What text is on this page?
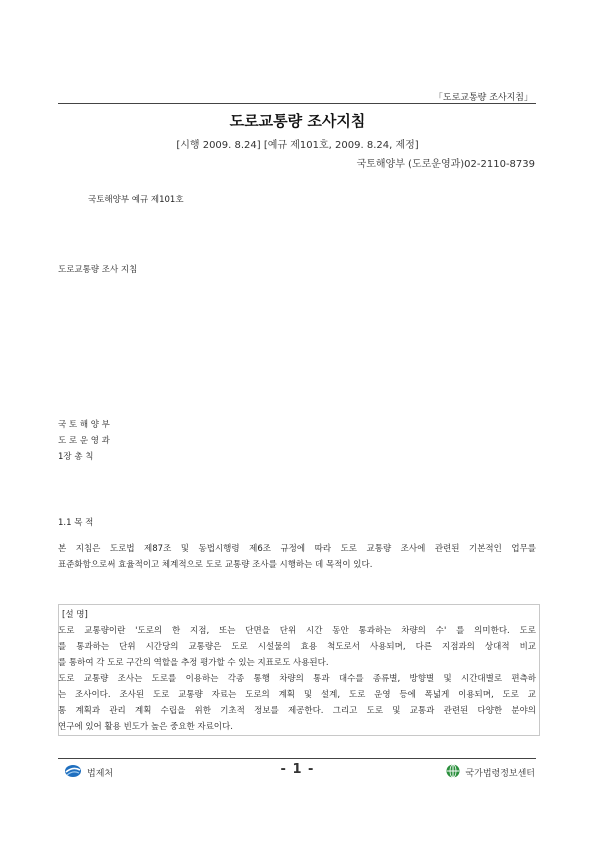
「도로교통량 조사지침」
도로교통량 조사지침
[시행 2009. 8.24] [예규 제101호, 2009. 8.24, 제정]
국토해양부 (도로운영과)02-2110-8739
국토해양부 예규 제101호
도로교통량 조사 지침
국 토 해 양 부
도 로 운 영 과
1장 총 칙
1.1 목 적

본 지침은 도로법 제87조 및 동법시행령 제6조 규정에 따라 도로 교통량 조사에 관련된 기본적인 업무를

표준화함으로써 효율적이고 체계적으로 도로 교통량 조사를 시행하는 데 목적이 있다.

[설 명]

도로 교통량이란 '도로의 한 지점, 또는 단면을 단위 시간 동안 통과하는 차량의 수' 를 의미한다. 도로

를 통과하는 단위 시간당의 교통량은 도로 시설물의 효용 척도로서 사용되며, 다른 지점과의 상대적 비교

를 통하여 각 도로 구간의 역할을 추정 평가할 수 있는 지표로도 사용된다.

도로 교통량 조사는 도로를 이용하는 각종 통행 차량의 통과 대수를 종류별, 방향별 및 시간대별로 편측하

는 조사이다. 조사된 도로 교통량 자료는 도로의 계획 및 설계, 도로 운영 등에 폭넓게 이용되며, 도로 교

통 계획과 관리 계획 수립을 위한 기초적 정보를 제공한다. 그리고 도로 및 교통과 관련된 다양한 분야의

연구에 있어 활용 빈도가 높은 중요한 자료이다.

법제처	- 1 -	국가법령정보센터
